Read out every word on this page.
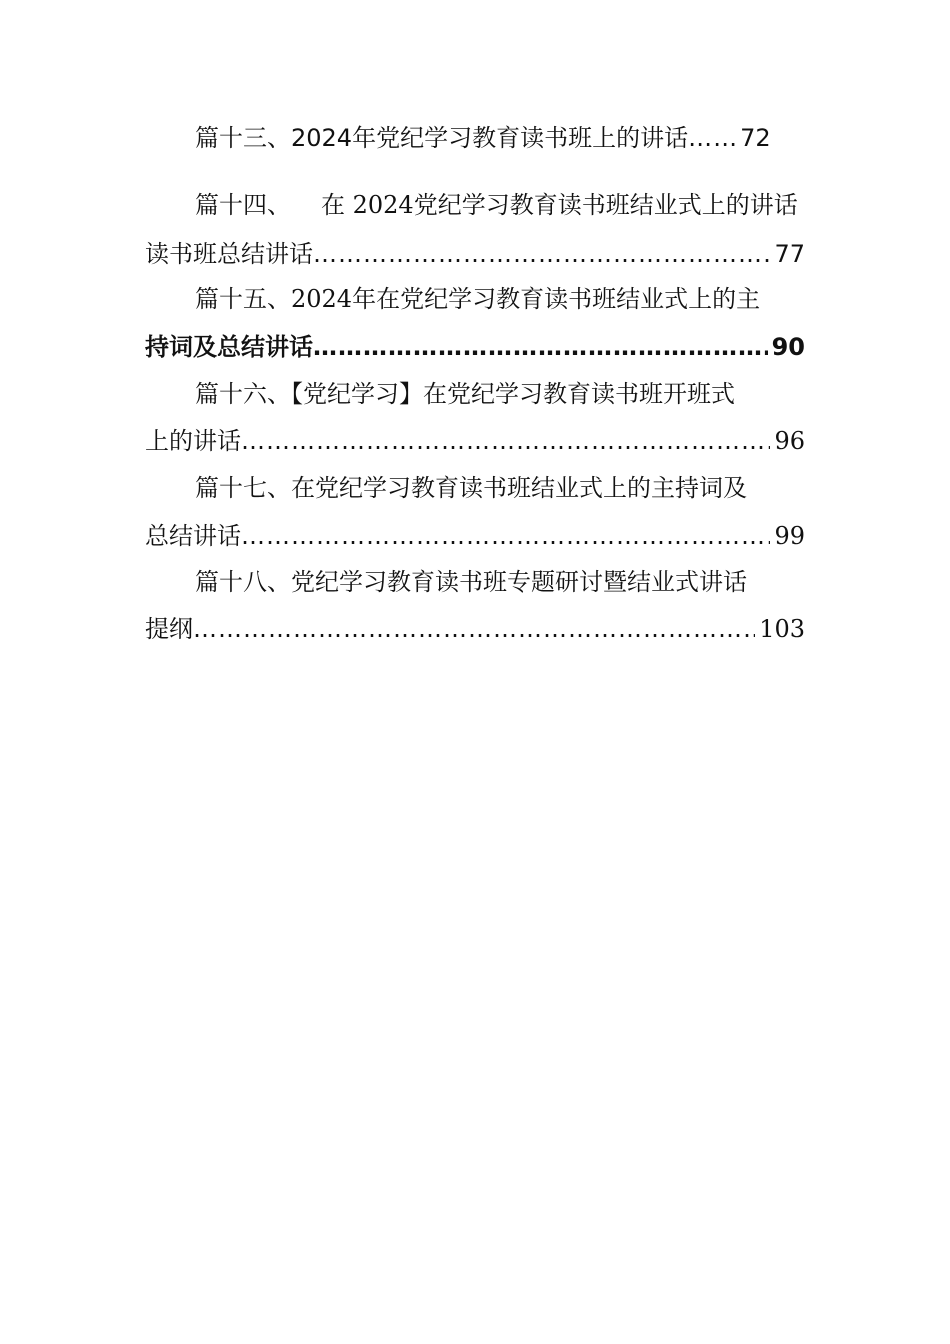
篇十三、2024年党纪学习教育读书班上的讲话 …………………………………………………………………………………………………………………………………… 72
篇十四、 在 2024党纪学习教育读书班结业式上的讲话
读书班总结讲话 ……………………………………………………………………………………………………………………………………	77
篇十五、2024年在党纪学习教育读书班结业式上的主
持词及总结讲话 ……………………………………………………………………………………………………………………………………	90
篇十六、【党纪学习】在党纪学习教育读书班开班式
上的讲话 ……………………………………………………………………………………………………………………………………	96
篇十七、在党纪学习教育读书班结业式上的主持词及
总结讲话 ……………………………………………………………………………………………………………………………………	99
篇十八、党纪学习教育读书班专题研讨暨结业式讲话
提纲 ……………………………………………………………………………………………………………………………………	103
